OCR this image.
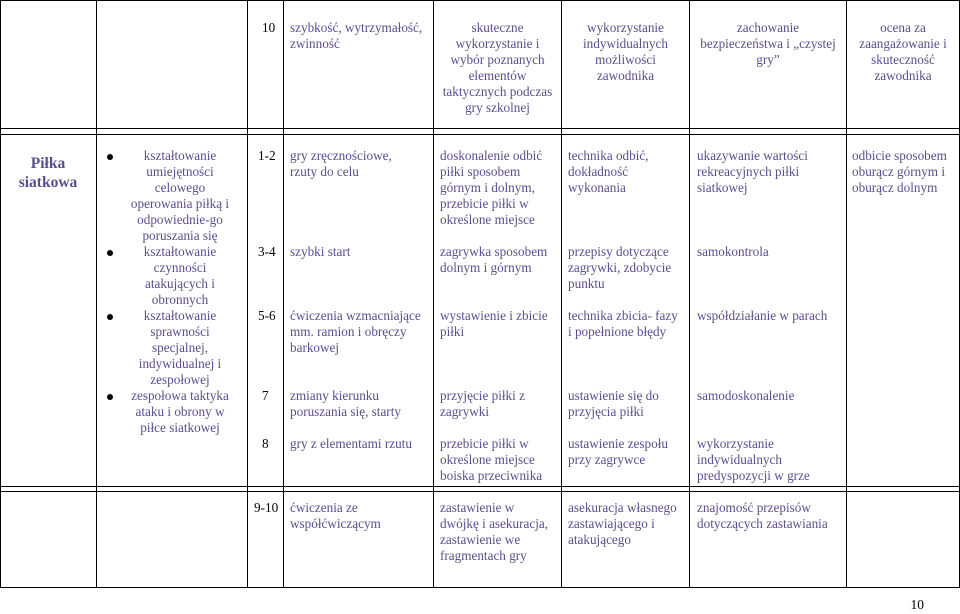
10 szybkość, wytrzymałość,
zwinność
skuteczne
wykorzystanie i
wybór poznanych
elementów
taktycznych podczas
gry szkolnej
wykorzystanie
indywidualnych
możliwości
zawodnika
zachowanie
bezpieczeństwa i „czystej
gry”
ocena za
zaangażowanie i
skuteczność
zawodnika
Piłka
siatkowa
kształtowanie
umiejętności
celowego
operowania piłką i
odpowiednie-go
poruszania się
kształtowanie
czynności
atakujących i
obronnych
kształtowanie
sprawności
specjalnej,
indywidualnej i
zespołowej
zespołowa taktyka
ataku i obrony w
piłce siatkowej
1-2 gry zręcznościowe,
rzuty do celu
doskonalenie odbić
piłki sposobem
górnym i dolnym,
przebicie piłki w
określone miejsce
technika odbić,
dokładność
wykonania
ukazywanie wartości
rekreacyjnych piłki
siatkowej
odbicie sposobem
oburącz górnym i
oburącz dolnym
3-4 szybki start	zagrywka sposobem
dolnym i górnym
przepisy dotyczące
zagrywki, zdobycie
punktu
samokontrola
5-6 ćwiczenia wzmacniające
mm. ramion i obręczy
barkowej
wystawienie i zbicie
piłki
technika zbicia- fazy
i popełnione błędy
współdziałanie w parach
7 zmiany kierunku
poruszania się, starty
przyjęcie piłki z
zagrywki
ustawienie się do
przyjęcia piłki
samodoskonalenie
8 gry z elementami rzutu przebicie piłki w
określone miejsce
boiska przeciwnika
ustawienie zespołu
przy zagrywce
wykorzystanie
indywidualnych
predyspozycji w grze
9-10 ćwiczenia ze
współćwiczącym
zastawienie w
dwójkę i asekuracja,
zastawienie we
fragmentach gry
asekuracja własnego
zastawiającego i
atakującego
znajomość przepisów
dotyczących zastawiania
10
